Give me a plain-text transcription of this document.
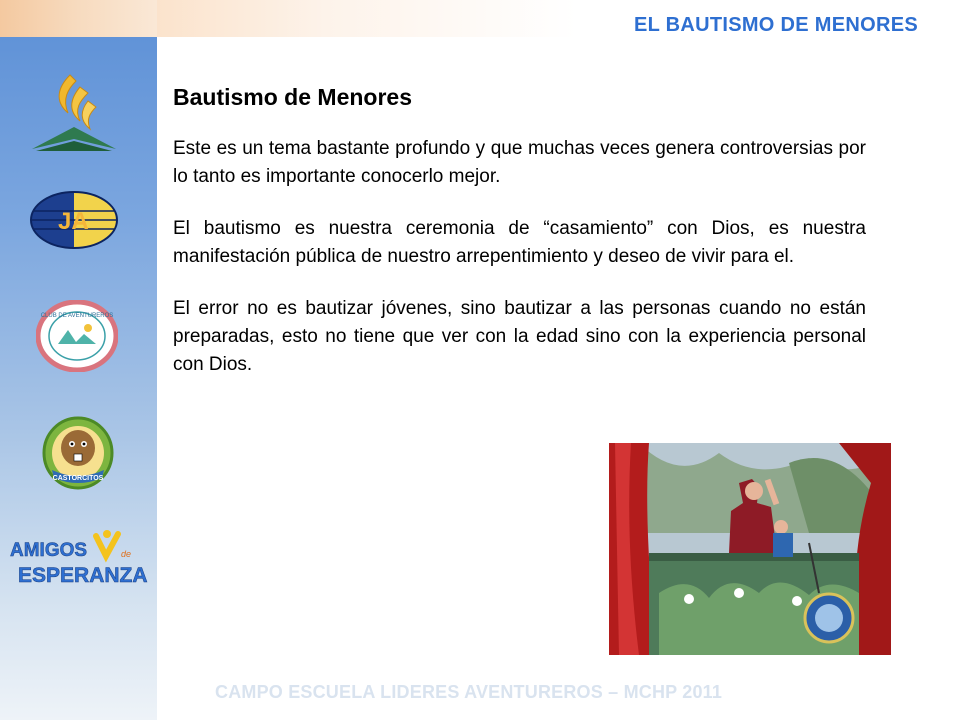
JA
CLUB DE AVENTUREROS
CASTORCITOS
AMIGOS	de
ESPERANZA
EL BAUTISMO DE MENORES
Bautismo de Menores

Este es un tema bastante profundo y que muchas veces genera controversias por lo tanto es importante conocerlo mejor.

El bautismo es nuestra ceremonia de “casamiento” con Dios, es nuestra manifestación pública de nuestro arrepentimiento y deseo de vivir para el.

El error no es bautizar jóvenes, sino bautizar a las personas cuando no están preparadas, esto no tiene que ver con la edad sino con la experiencia personal con Dios.

CAMPO ESCUELA LIDERES AVENTUREROS – MCHP 2011
